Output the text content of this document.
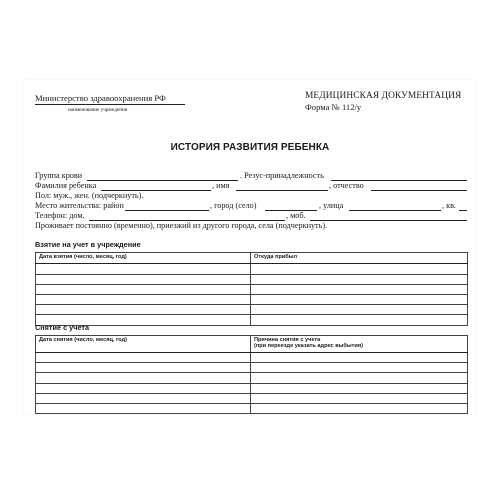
Министерство здравоохранения РФ
наименование учреждения
МЕДИЦИНСКАЯ ДОКУМЕНТАЦИЯ
Форма № 112/у
ИСТОРИЯ РАЗВИТИЯ РЕБЕНКА
Группа крови	. Резус-принадлежность
Фамилия ребенка	, имя	, отчество
Пол: муж., жен. (подчеркнуть).
Место жительства: район	, город (село)	, улица	, кв.
Телефон: дом.	, моб.
Проживает постоянно (временно), приезжий из другого города, села (подчеркнуть).
Взятие на учет в учреждение
Дата взятия (число, месяц, год)	Откуда прибыл

Снятие с учета
Дата снятия (число, месяц, год)	Причина снятия с учета
(при переезде указать адрес выбытия)
